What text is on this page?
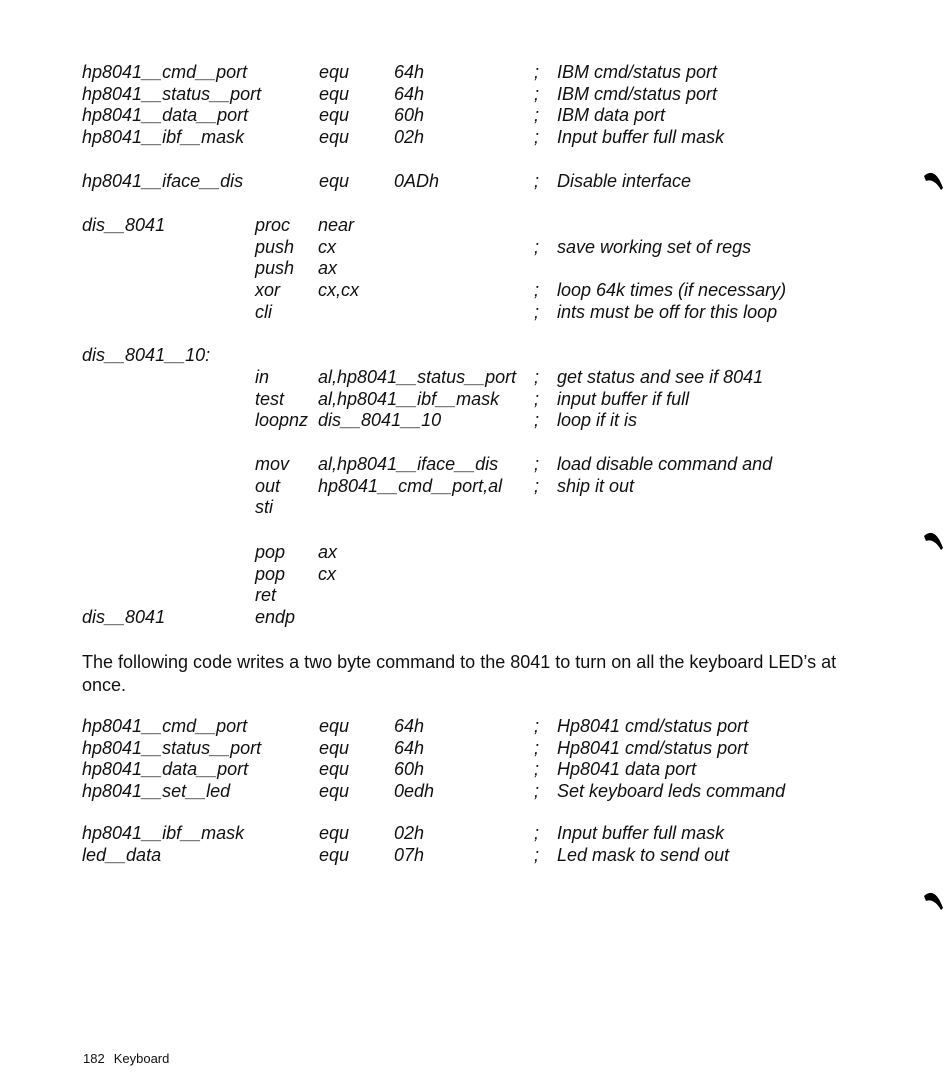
hp8041__cmd__port	equ 64h	; IBM cmd/status port
hp8041__status__port	equ 64h	; IBM cmd/status port
hp8041__data__port	equ 60h	; IBM data port
hp8041__ibf__mask	equ 02h	; Input buffer full mask
hp8041__iface__dis	equ 0ADh	; Disable interface
dis__8041	proc near
push cx	; save working set of regs
push ax
xor cx,cx	; loop 64k times (if necessary)
cli	; ints must be off for this loop
dis__8041__10:
in	al,hp8041__status__port ; get status and see if 8041
test al,hp8041__ibf__mask ; input buffer if full
loopnz dis__8041__10	; loop if it is
mov al,hp8041__iface__dis ; load disable command and
out hp8041__cmd__port,al ; ship it out
sti
pop ax
pop cx
ret
dis__8041	endp
hp8041__cmd__port	equ 64h	; Hp8041 cmd/status port
hp8041__status__port	equ 64h	; Hp8041 cmd/status port
hp8041__data__port	equ 60h	; Hp8041 data port
hp8041__set__led	equ 0edh	; Set keyboard leds command
hp8041__ibf__mask	equ 02h	; Input buffer full mask
led__data	equ 07h	; Led mask to send out
The following code writes a two byte command to the 8041 to turn on all the keyboard LED’s at once.
182 Keyboard
